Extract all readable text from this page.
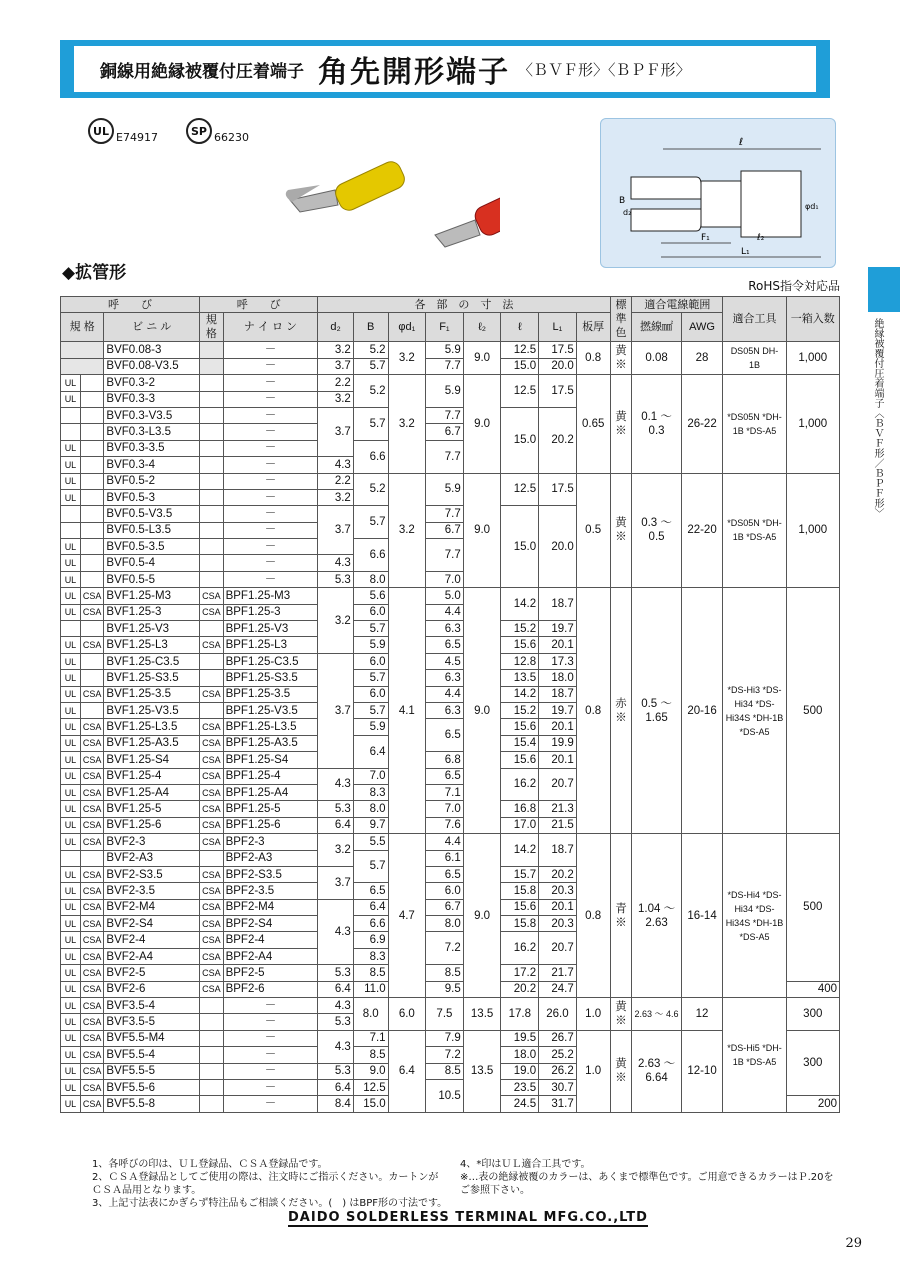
銅線用絶縁被覆付圧着端子 角先開形端子 〈ＢＶＦ形〉〈ＢＰＦ形〉
UL E74917	SP 66230	ℓ
B
d₂
φd₁
F₁	ℓ₂
L₁
◆拡管形
RoHS指令対応品
絶縁被覆付圧着端子〈ＢＶＦ形／ＢＰＦ形〉
呼　　び			呼　　び		各　部　の　寸　法								標準色	適合電線範囲		適合工具	一箱入数
規 格		ビ ニ ル	規格	ナ イ ロ ン	d₂	B	φd₁	F₁	ℓ₂	ℓ	L₁	板厚		撚線㎟	AWG		
		BVF0.08-3		－	3.2	5.2	3.2	5.9	9.0	12.5	17.5	0.8	黄※	0.08	28	DS05N DH-1B	1,000
		BVF0.08-V3.5		－	3.7	5.7		7.7		15.0	20.0						
UL		BVF0.3-2		－	2.2	5.2	3.2	5.9	9.0	12.5	17.5	0.65	黄※	0.1 〜 0.3	26-22	*DS05N *DH-1B *DS-A5	1,000
UL		BVF0.3-3		－	3.2												
		BVF0.3-V3.5		－	3.7	5.7		7.7		15.0	20.2						
		BVF0.3-L3.5		－				6.7									
UL		BVF0.3-3.5		－		6.6		7.7									
UL		BVF0.3-4		－	4.3												
UL		BVF0.5-2		－	2.2	5.2	3.2	5.9	9.0	12.5	17.5	0.5	黄※	0.3 〜 0.5	22-20	*DS05N *DH-1B *DS-A5	1,000
UL		BVF0.5-3		－	3.2												
		BVF0.5-V3.5		－	3.7	5.7		7.7		15.0	20.0						
		BVF0.5-L3.5		－				6.7									
UL		BVF0.5-3.5		－		6.6		7.7									
UL		BVF0.5-4		－	4.3												
UL		BVF0.5-5		－	5.3	8.0		7.0									
UL	CSA	BVF1.25-M3	CSA	BPF1.25-M3	3.2	5.6	4.1	5.0	9.0	14.2	18.7	0.8	赤※	0.5 〜 1.65	20-16	*DS-Hi3 *DS-Hi34 *DS-Hi34S *DH-1B *DS-A5	500
UL	CSA	BVF1.25-3	CSA	BPF1.25-3		6.0		4.4									
		BVF1.25-V3		BPF1.25-V3		5.7		6.3		15.2	19.7						
UL	CSA	BVF1.25-L3	CSA	BPF1.25-L3		5.9		6.5		15.6	20.1						
UL		BVF1.25-C3.5		BPF1.25-C3.5	3.7	6.0		4.5		12.8	17.3						
UL		BVF1.25-S3.5		BPF1.25-S3.5		5.7		6.3		13.5	18.0						
UL	CSA	BVF1.25-3.5	CSA	BPF1.25-3.5		6.0		4.4		14.2	18.7						
UL		BVF1.25-V3.5		BPF1.25-V3.5		5.7		6.3		15.2	19.7						
UL	CSA	BVF1.25-L3.5	CSA	BPF1.25-L3.5		5.9		6.5		15.6	20.1						
UL	CSA	BVF1.25-A3.5	CSA	BPF1.25-A3.5		6.4				15.4	19.9						
UL	CSA	BVF1.25-S4	CSA	BPF1.25-S4				6.8		15.6	20.1						
UL	CSA	BVF1.25-4	CSA	BPF1.25-4	4.3	7.0		6.5		16.2	20.7						
UL	CSA	BVF1.25-A4	CSA	BPF1.25-A4		8.3		7.1									
UL	CSA	BVF1.25-5	CSA	BPF1.25-5	5.3	8.0		7.0		16.8	21.3						
UL	CSA	BVF1.25-6	CSA	BPF1.25-6	6.4	9.7		7.6		17.0	21.5						
UL	CSA	BVF2-3	CSA	BPF2-3	3.2	5.5	4.7	4.4	9.0	14.2	18.7	0.8	青※	1.04 〜 2.63	16-14	*DS-Hi4 *DS-Hi34 *DS-Hi34S *DH-1B *DS-A5	500
		BVF2-A3		BPF2-A3		5.7		6.1									
UL	CSA	BVF2-S3.5	CSA	BPF2-S3.5	3.7			6.5		15.7	20.2						
UL	CSA	BVF2-3.5	CSA	BPF2-3.5		6.5		6.0		15.8	20.3						
UL	CSA	BVF2-M4	CSA	BPF2-M4	4.3	6.4		6.7		15.6	20.1						
UL	CSA	BVF2-S4	CSA	BPF2-S4		6.6		8.0		15.8	20.3						
UL	CSA	BVF2-4	CSA	BPF2-4		6.9		7.2		16.2	20.7						
UL	CSA	BVF2-A4	CSA	BPF2-A4		8.3											
UL	CSA	BVF2-5	CSA	BPF2-5	5.3	8.5		8.5		17.2	21.7						
UL	CSA	BVF2-6	CSA	BPF2-6	6.4	11.0		9.5		20.2	24.7						400
UL	CSA	BVF3.5-4		－	4.3	8.0	6.0	7.5	13.5	17.8	26.0	1.0	黄※	2.63 〜 4.6	12	*DS-Hi5 *DH-1B *DS-A5	300
UL	CSA	BVF3.5-5		－	5.3												
UL	CSA	BVF5.5-M4		－	4.3	7.1	6.4	7.9	13.5	19.5	26.7	1.0	黄※	2.63 〜 6.64	12-10		300
UL	CSA	BVF5.5-4		－		8.5		7.2		18.0	25.2						
UL	CSA	BVF5.5-5		－	5.3	9.0		8.5		19.0	26.2						
UL	CSA	BVF5.5-6		－	6.4	12.5		10.5		23.5	30.7						
UL	CSA	BVF5.5-8		－	8.4	15.0				24.5	31.7						200
1、各呼びの印は、ＵＬ登録品、ＣＳＡ登録品です。
2、ＣＳＡ登録品としてご使用の際は、注文時にご指示ください。カートンがＣＳＡ品用となります。
3、上記寸法表にかぎらず特注品もご相談ください。(　) はBPF形の寸法です。
4、*印はＵＬ適合工具です。
※…表の絶縁被覆のカラーは、あくまで標準色です。ご用意できるカラーはＰ.20をご参照下さい。
DAIDO SOLDERLESS TERMINAL MFG.CO.,LTD
29
